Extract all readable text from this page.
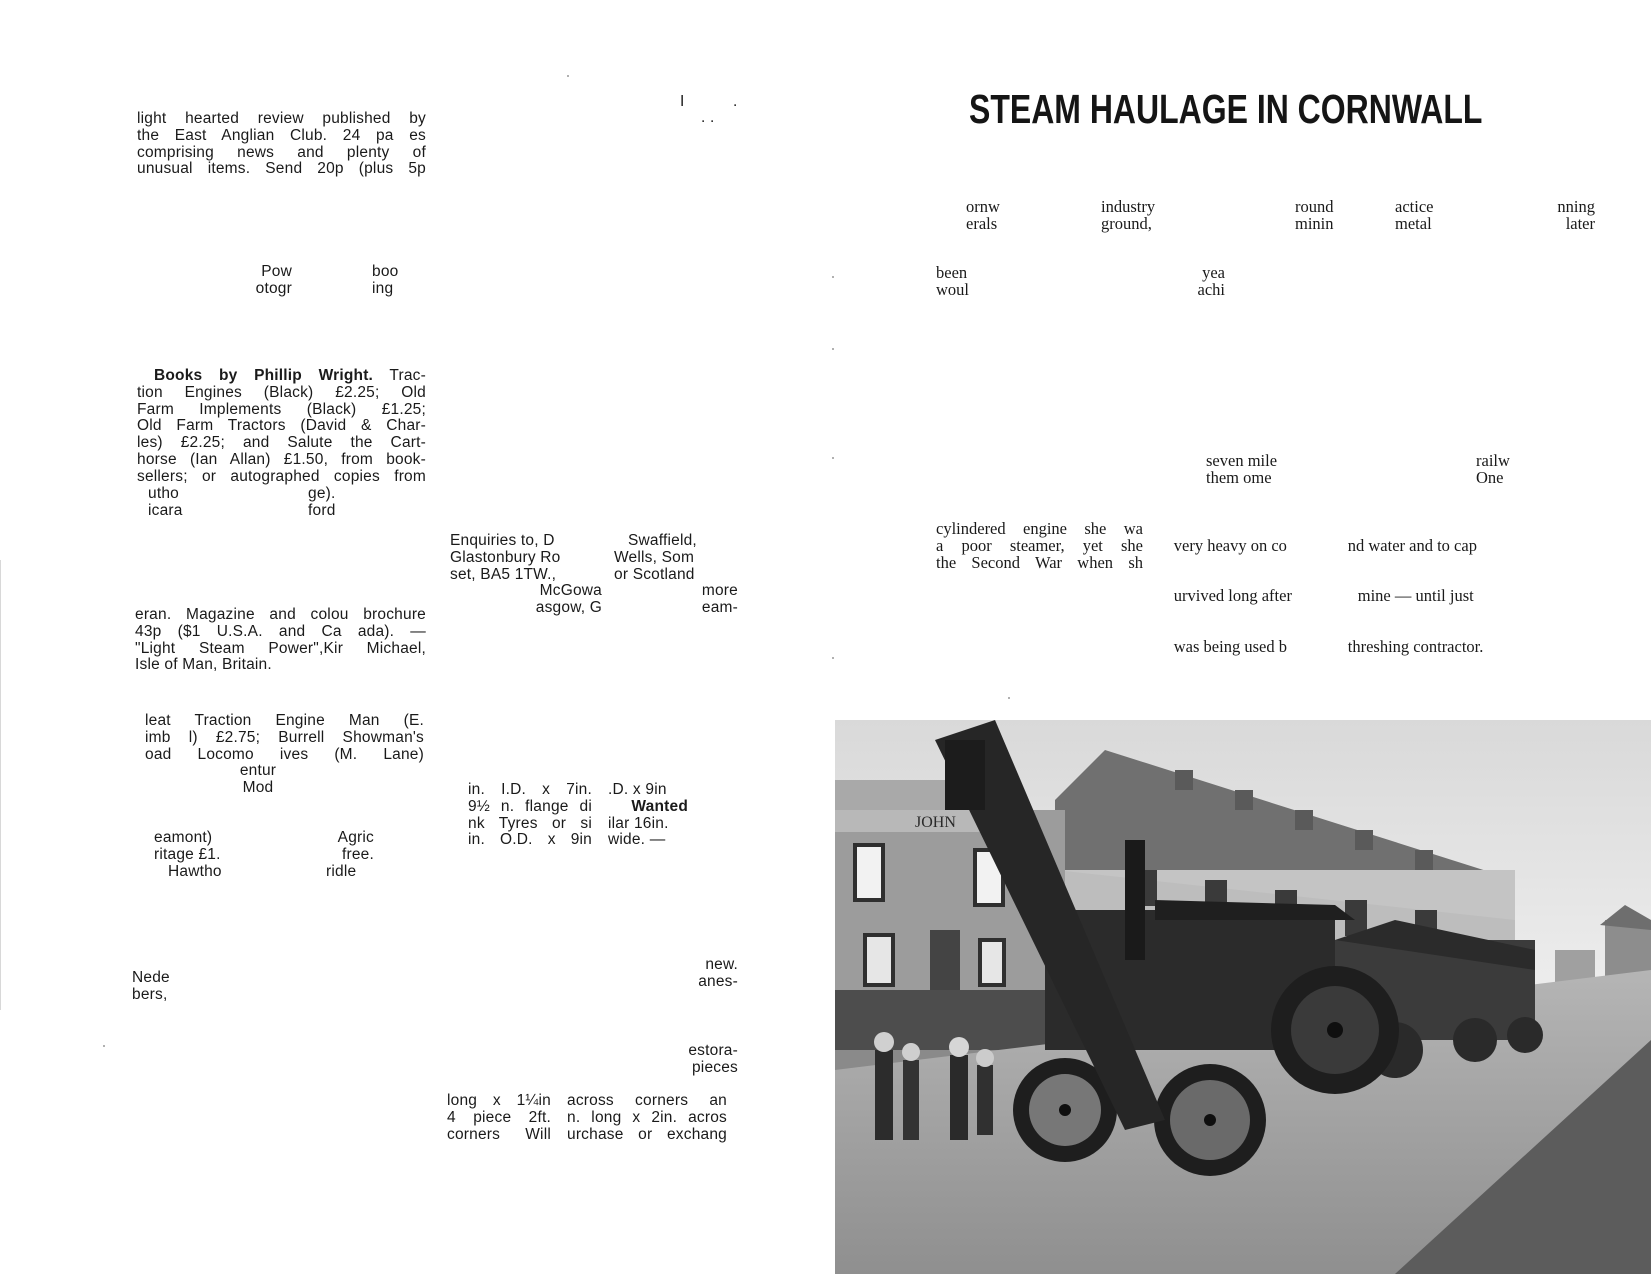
light hearted review published by
the East Anglian Club. 24 pa es
comprising news and plenty of
unusual items. Send 20p (plus 5p
I	.
. .
Pow
otogr
boo
ing
Books by Phillip Wright. Trac-
tion Engines (Black) £2.25; Old
Farm Implements (Black) £1.25;
Old Farm Tractors (David & Char-
les) £2.25; and Salute the Cart-
horse (Ian Allan) £1.50, from book-
sellers; or autographed copies from
utho
icara
ge).
ford
Enquiries to, D
Glastonbury Ro
set, BA5 1TW.,
McGowa
asgow, G
Swaffield,
Wells, Som
or Scotland
more
eam-
eran. Magazine and colou brochure
43p ($1 U.S.A. and Ca ada). —
"Light Steam Power",Kir Michael,
Isle of Man, Britain.
leat Traction Engine Man (E.
imb l) £2.75; Burrell Showman's
oad Locomo ives (M. Lane)
entur
Mod	in. I.D. x 7in.
9½ n. flange di
nk Tyres or si
in. O.D. x 9in
.D. x 9in
Wanted
ilar 16in.
wide. —
eamont)
ritage £1.
Hawtho
Agric
free.
ridle
Nede
bers,
new.
anes-
estora-
pieces
long x 1¼in
4 piece 2ft.
corners Will
across corners an
n. long x 2in. acros
urchase or exchang
STEAM HAULAGE IN CORNWALL
ornw
erals
industry
ground,
round
minin
actice
metal
nning
later
been
woul
yea
achi
seven mile
them ome
railw
One
cylindered engine she wa
a poor steamer, yet she
the Second War when sh

very heavy on co	nd water and to cap

urvived long after	mine — until just

was being used b	threshing contractor.

JOHN
